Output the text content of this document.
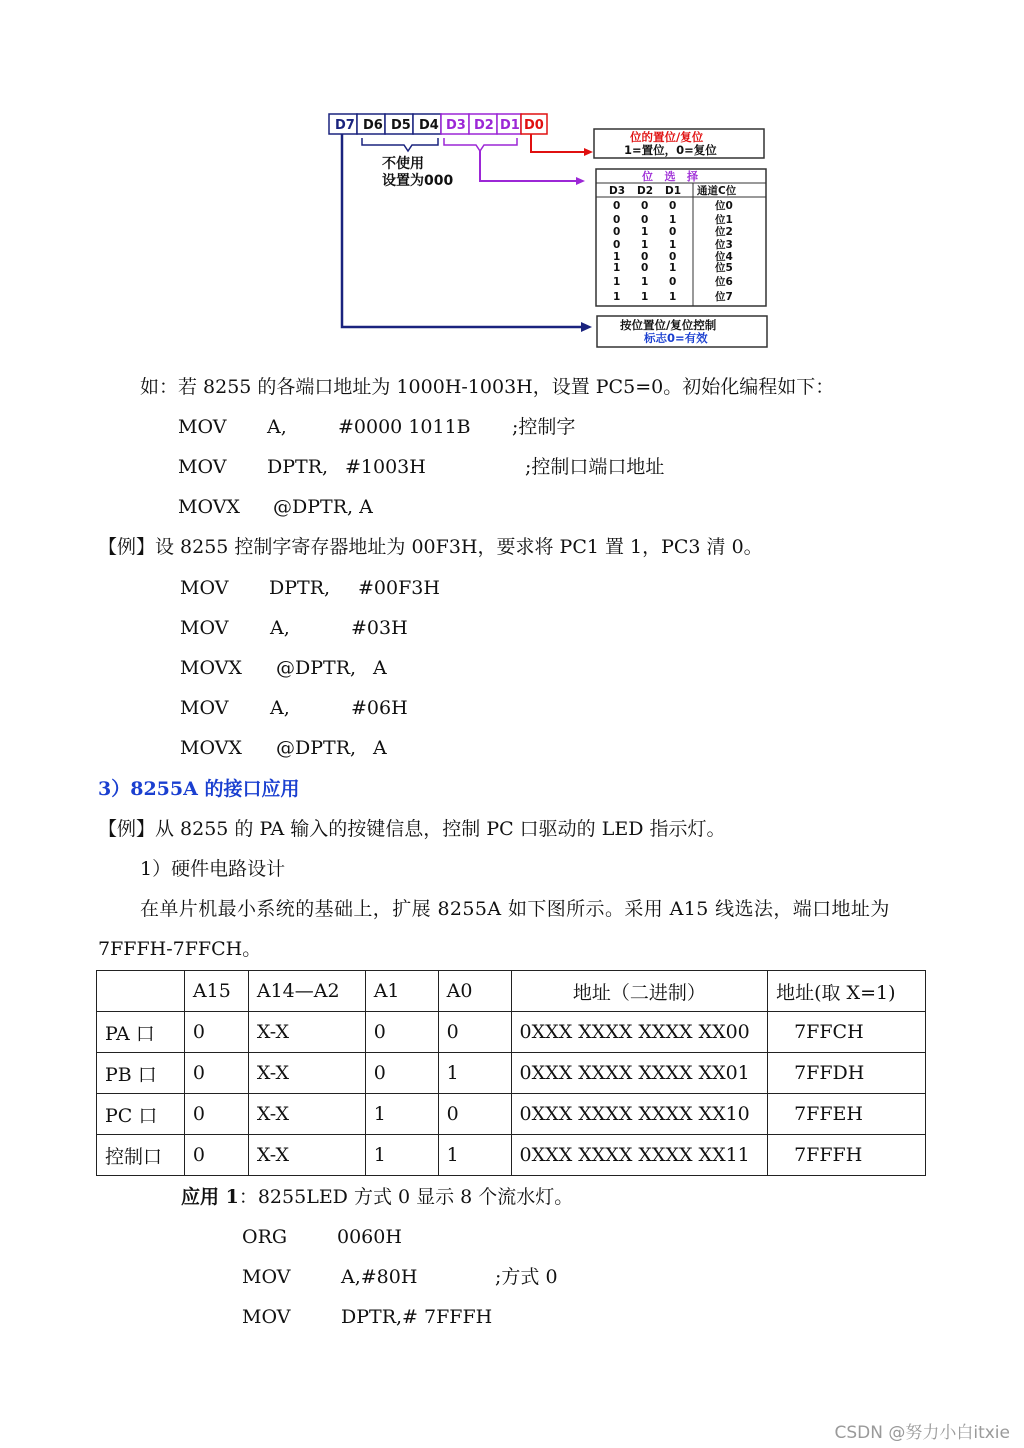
D7 D6 D5 D4 D3 D2 D1 D0
不使用
设置为000
位的置位/复位
1=置位，0=复位
位   选   择
D3 D2 D1 通道C位
0 0 0	位0
0 0 1	位1
0 1 0	位2
0 1 1	位3
1 0 0	位4
1 0 1	位5
1 1 0	位6
1 1 1	位7
按位置位/复位控制
标志0=有效
如：若 8255 的各端口地址为 1000H-1003H，设置 PC5=0。初始化编程如下：
MOV A,	#0000 1011B ;控制字
MOV DPTR, #1003H	;控制口端口地址
MOVX @DPTR, A
【例】设 8255 控制字寄存器地址为 00F3H，要求将 PC1 置 1，PC3 清 0。
MOV DPTR, #00F3H
MOV A,	#03H
MOVX @DPTR, A
MOV A,	#06H
MOVX @DPTR, A
3）8255A 的接口应用
【例】从 8255 的 PA 输入的按键信息，控制 PC 口驱动的 LED 指示灯。
1）硬件电路设计
在单片机最小系统的基础上，扩展 8255A 如下图所示。采用 A15 线选法，端口地址为
7FFFH-7FFCH。
	A15	A14—A2	A1	A0	地址（二进制）	地址(取 X=1)
PA 口	0	X-X	0	0	0XXX XXXX XXXX XX00	7FFCH
PB 口	0	X-X	0	1	0XXX XXXX XXXX XX01	7FFDH
PC 口	0	X-X	1	0	0XXX XXXX XXXX XX10	7FFEH
控制口	0	X-X	1	1	0XXX XXXX XXXX XX11	7FFFH
应用 1：8255LED 方式 0 显示 8 个流水灯。
ORG	0060H
MOV	A,#80H	;方式 0
MOV	DPTR,# 7FFFH
CSDN @努力小白itxie
